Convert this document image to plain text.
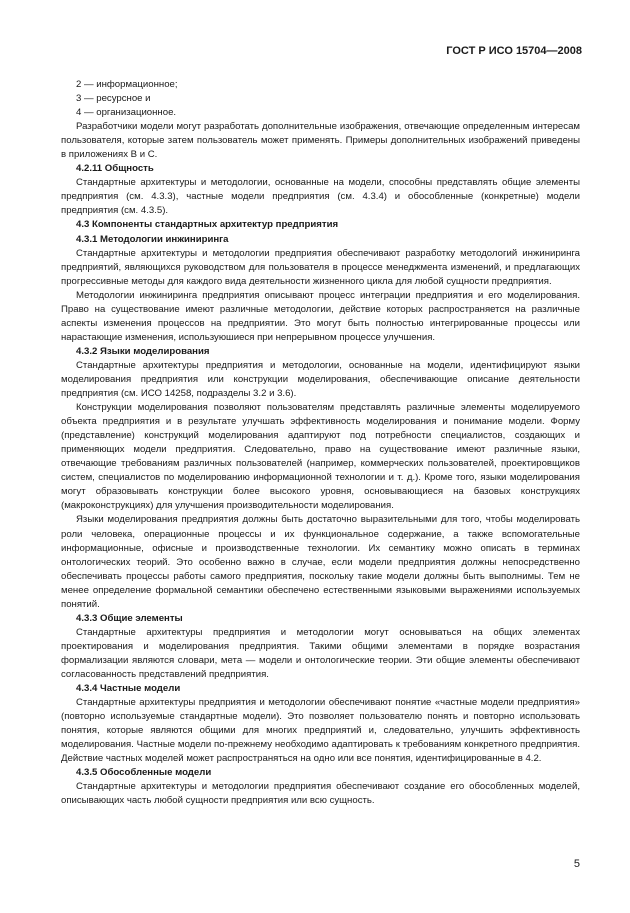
ГОСТ Р ИСО 15704—2008

2 — информационное;

3 — ресурсное и

4 — организационное.

Разработчики модели могут разработать дополнительные изображения, отвечающие определенным интересам пользователя, которые затем пользователь может применять. Примеры дополнительных изображений приведены в приложениях В и С.

4.2.11 Общность

Стандартные архитектуры и методологии, основанные на модели, способны представлять общие элементы предприятия (см. 4.3.3), частные модели предприятия (см. 4.3.4) и обособленные (конкретные) модели предприятия (см. 4.3.5).

4.3 Компоненты стандартных архитектур предприятия

4.3.1 Методологии инжиниринга

Стандартные архитектуры и методологии предприятия обеспечивают разработку методологий инжиниринга предприятий, являющихся руководством для пользователя в процессе менеджмента изменений, и предлагающих прогрессивные методы для каждого вида деятельности жизненного цикла для любой сущности предприятия.

Методологии инжиниринга предприятия описывают процесс интеграции предприятия и его моделирования. Право на существование имеют различные методологии, действие которых распространяется на различные аспекты изменения процессов на предприятии. Это могут быть полностью интегрированные процессы или нарастающие изменения, используюшиеся при непрерывном процессе улучшения.

4.3.2 Языки моделирования

Стандартные архитектуры предприятия и методологии, основанные на модели, идентифицируют языки моделирования предприятия или конструкции моделирования, обеспечивающие описание деятельности предприятия (см. ИСО 14258, подразделы 3.2 и 3.6).

Конструкции моделирования позволяют пользователям представлять различные элементы моделируемого объекта предприятия и в результате улучшать эффективность моделирования и понимание модели. Форму (представление) конструкций моделирования адаптируют под потребности специалистов, создающих и применяющих модели предприятия. Следовательно, право на существование имеют различные языки, отвечающие требованиям различных пользователей (например, коммерческих пользователей, проектировщиков систем, специалистов по моделированию информационной технологии и т. д.). Кроме того, языки моделирования могут образовывать конструкции более высокого уровня, основывающиеся на базовых конструкциях (макроконструкциях) для улучшения производительности моделирования.

Языки моделирования предприятия должны быть достаточно выразительными для того, чтобы моделировать роли человека, операционные процессы и их функциональное содержание, а также вспомогательные информационные, офисные и производственные технологии. Их семантику можно описать в терминах онтологических теорий. Это особенно важно в случае, если модели предприятия должны непосредственно обеспечивать процессы работы самого предприятия, поскольку такие модели должны быть выполнимы. Тем не менее определение формальной семантики обеспечено естественными языковыми выражениями используемых понятий.

4.3.3 Общие элементы

Стандартные архитектуры предприятия и методологии могут основываться на общих элементах проектирования и моделирования предприятия. Такими общими элементами в порядке возрастания формализации являются словари, мета — модели и онтологические теории. Эти общие элементы обеспечивают согласованность представлений предприятия.

4.3.4 Частные модели

Стандартные архитектуры предприятия и методологии обеспечивают понятие «частные модели предприятия» (повторно используемые стандартные модели). Это позволяет пользователю понять и повторно использовать понятия, которые являются общими для многих предприятий и, следовательно, улучшить эффективность моделирования. Частные модели по-прежнему необходимо адаптировать к требованиям конкретного предприятия. Действие частных моделей может распространяться на одно или все понятия, идентифицированные в 4.2.

4.3.5 Обособленные модели

Стандартные архитектуры и методологии предприятия обеспечивают создание его обособленных моделей, описывающих часть любой сущности предприятия или всю сущность.

5
